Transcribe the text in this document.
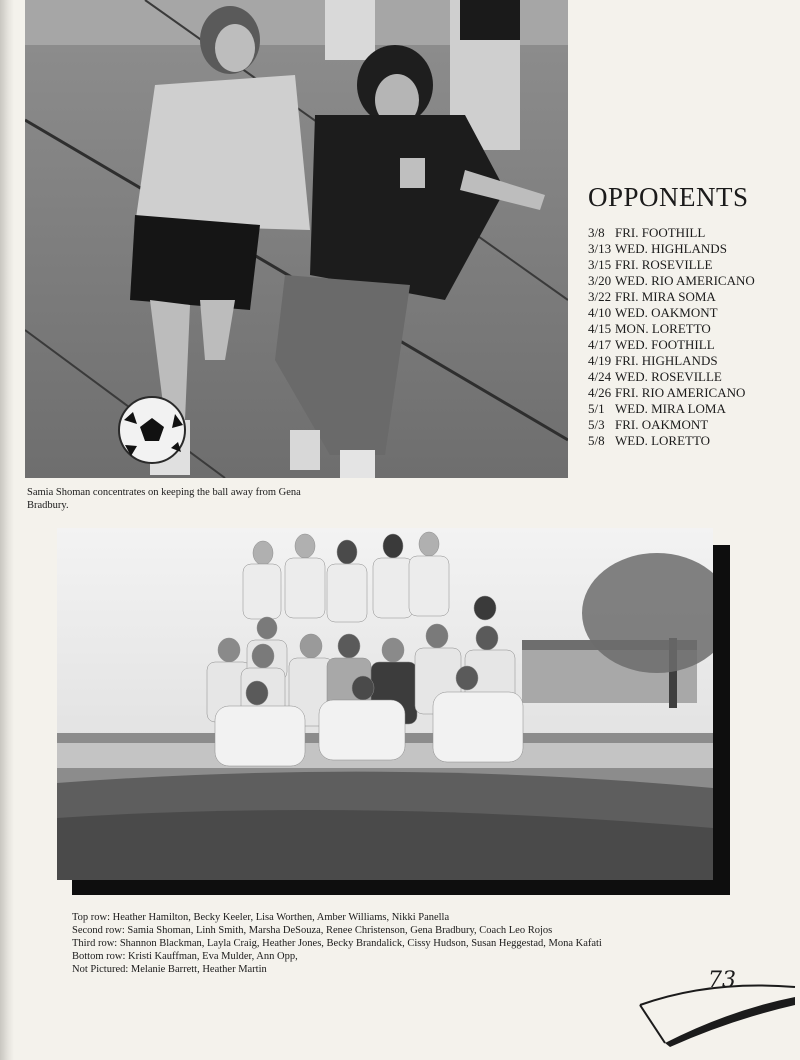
Samia Shoman concentrates on keeping the ball away from Gena Bradbury.
OPPONENTS
3/8 FRI. FOOTHILL
3/13 WED. HIGHLANDS
3/15 FRI. ROSEVILLE
3/20 WED. RIO AMERICANO
3/22 FRI. MIRA SOMA
4/10 WED. OAKMONT
4/15 MON. LORETTO
4/17 WED. FOOTHILL
4/19 FRI. HIGHLANDS
4/24 WED. ROSEVILLE
4/26 FRI. RIO AMERICANO
5/1 WED. MIRA LOMA
5/3 FRI. OAKMONT
5/8 WED. LORETTO
Top row: Heather Hamilton, Becky Keeler, Lisa Worthen, Amber Williams, Nikki Panella
Second row: Samia Shoman, Linh Smith, Marsha DeSouza, Renee Christenson, Gena Bradbury, Coach Leo Rojos
Third row: Shannon Blackman, Layla Craig, Heather Jones, Becky Brandalick, Cissy Hudson, Susan Heggestad, Mona Kafati
Bottom row: Kristi Kauffman, Eva Mulder, Ann Opp,
Not Pictured: Melanie Barrett, Heather Martin	73
